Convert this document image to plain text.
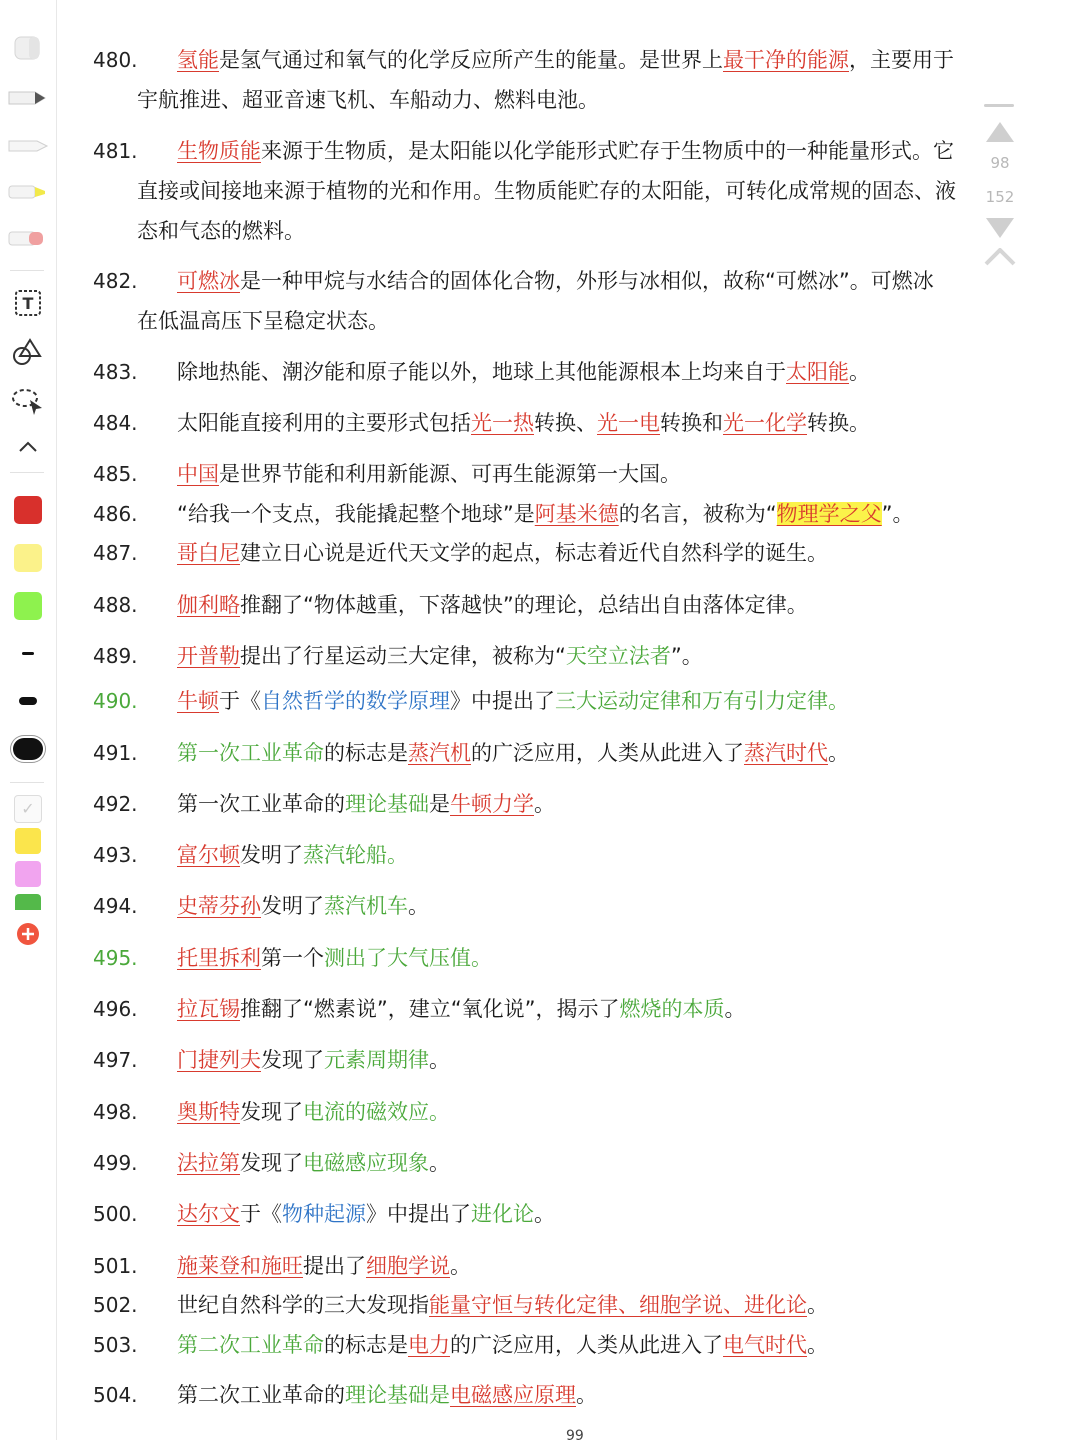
T
✓
480.	氢能是氢气通过和氧气的化学反应所产生的能量。是世界上最干净的能源，主要用于
宇航推进、超亚音速飞机、车船动力、燃料电池。
481.	生物质能来源于生物质，是太阳能以化学能形式贮存于生物质中的一种能量形式。它
直接或间接地来源于植物的光和作用。生物质能贮存的太阳能，可转化成常规的固态、液
态和气态的燃料。
482.	可燃冰是一种甲烷与水结合的固体化合物，外形与冰相似，故称“可燃冰”。可燃冰
在低温高压下呈稳定状态。
483.	除地热能、潮汐能和原子能以外，地球上其他能源根本上均来自于太阳能。
484.	太阳能直接利用的主要形式包括光一热转换、光一电转换和光一化学转换。
485.	中国是世界节能和利用新能源、可再生能源第一大国。
486.	“给我一个支点，我能撬起整个地球”是阿基米德的名言，被称为“物理学之父”。
487.	哥白尼建立日心说是近代天文学的起点，标志着近代自然科学的诞生。
488.	伽利略推翻了“物体越重，下落越快”的理论，总结出自由落体定律。
489.	开普勒提出了行星运动三大定律，被称为“天空立法者”。
490.	牛顿于《自然哲学的数学原理》中提出了三大运动定律和万有引力定律。
491.	第一次工业革命的标志是蒸汽机的广泛应用，人类从此进入了蒸汽时代。
492.	第一次工业革命的理论基础是牛顿力学。
493.	富尔顿发明了蒸汽轮船。
494.	史蒂芬孙发明了蒸汽机车。
495.	托里拆利第一个测出了大气压值。
496.	拉瓦锡推翻了“燃素说”，建立“氧化说”，揭示了燃烧的本质。
497.	门捷列夫发现了元素周期律。
498.	奥斯特发现了电流的磁效应。
499.	法拉第发现了电磁感应现象。
500.	达尔文于《物种起源》中提出了进化论。
501.	施莱登和施旺提出了细胞学说。
502.	世纪自然科学的三大发现指能量守恒与转化定律、细胞学说、进化论。
503.	第二次工业革命的标志是电力的广泛应用，人类从此进入了电气时代。
504.	第二次工业革命的理论基础是电磁感应原理。
99
98
152
